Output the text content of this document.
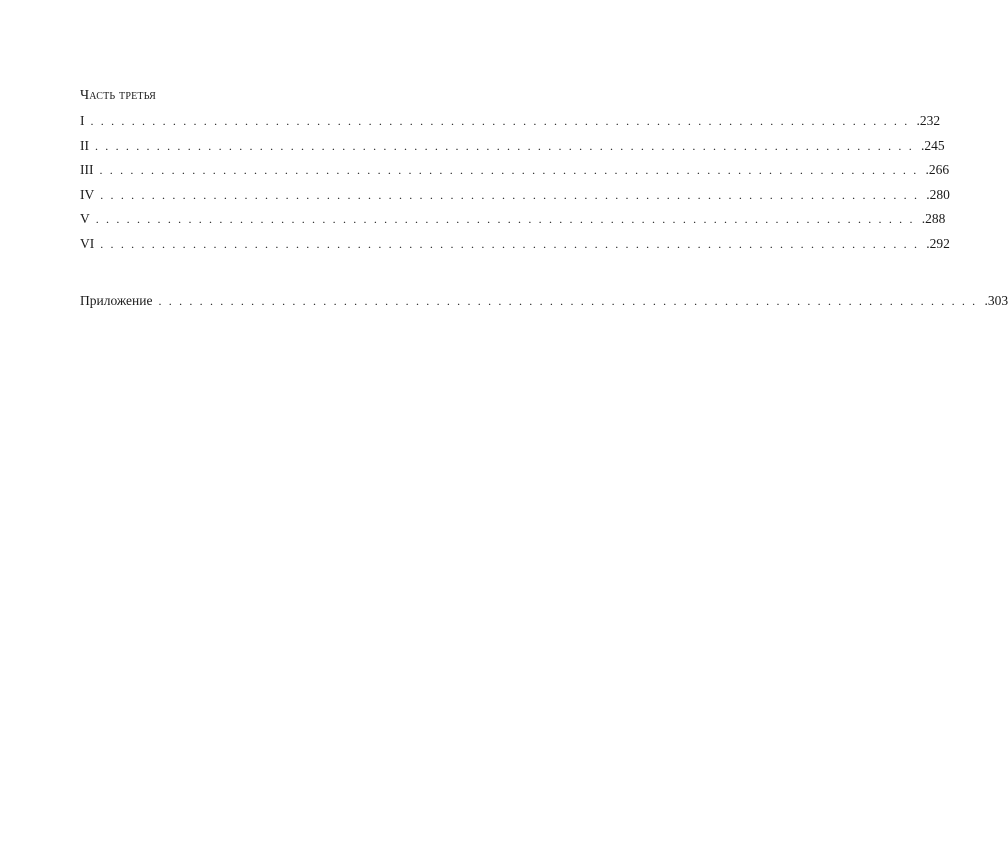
Часть третья
I ................................................................................ .232
II ................................................................................ .245
III ................................................................................ .266
IV ................................................................................ .280
V ................................................................................ .288
VI ................................................................................ .292
Приложение ................................................................................ .303
